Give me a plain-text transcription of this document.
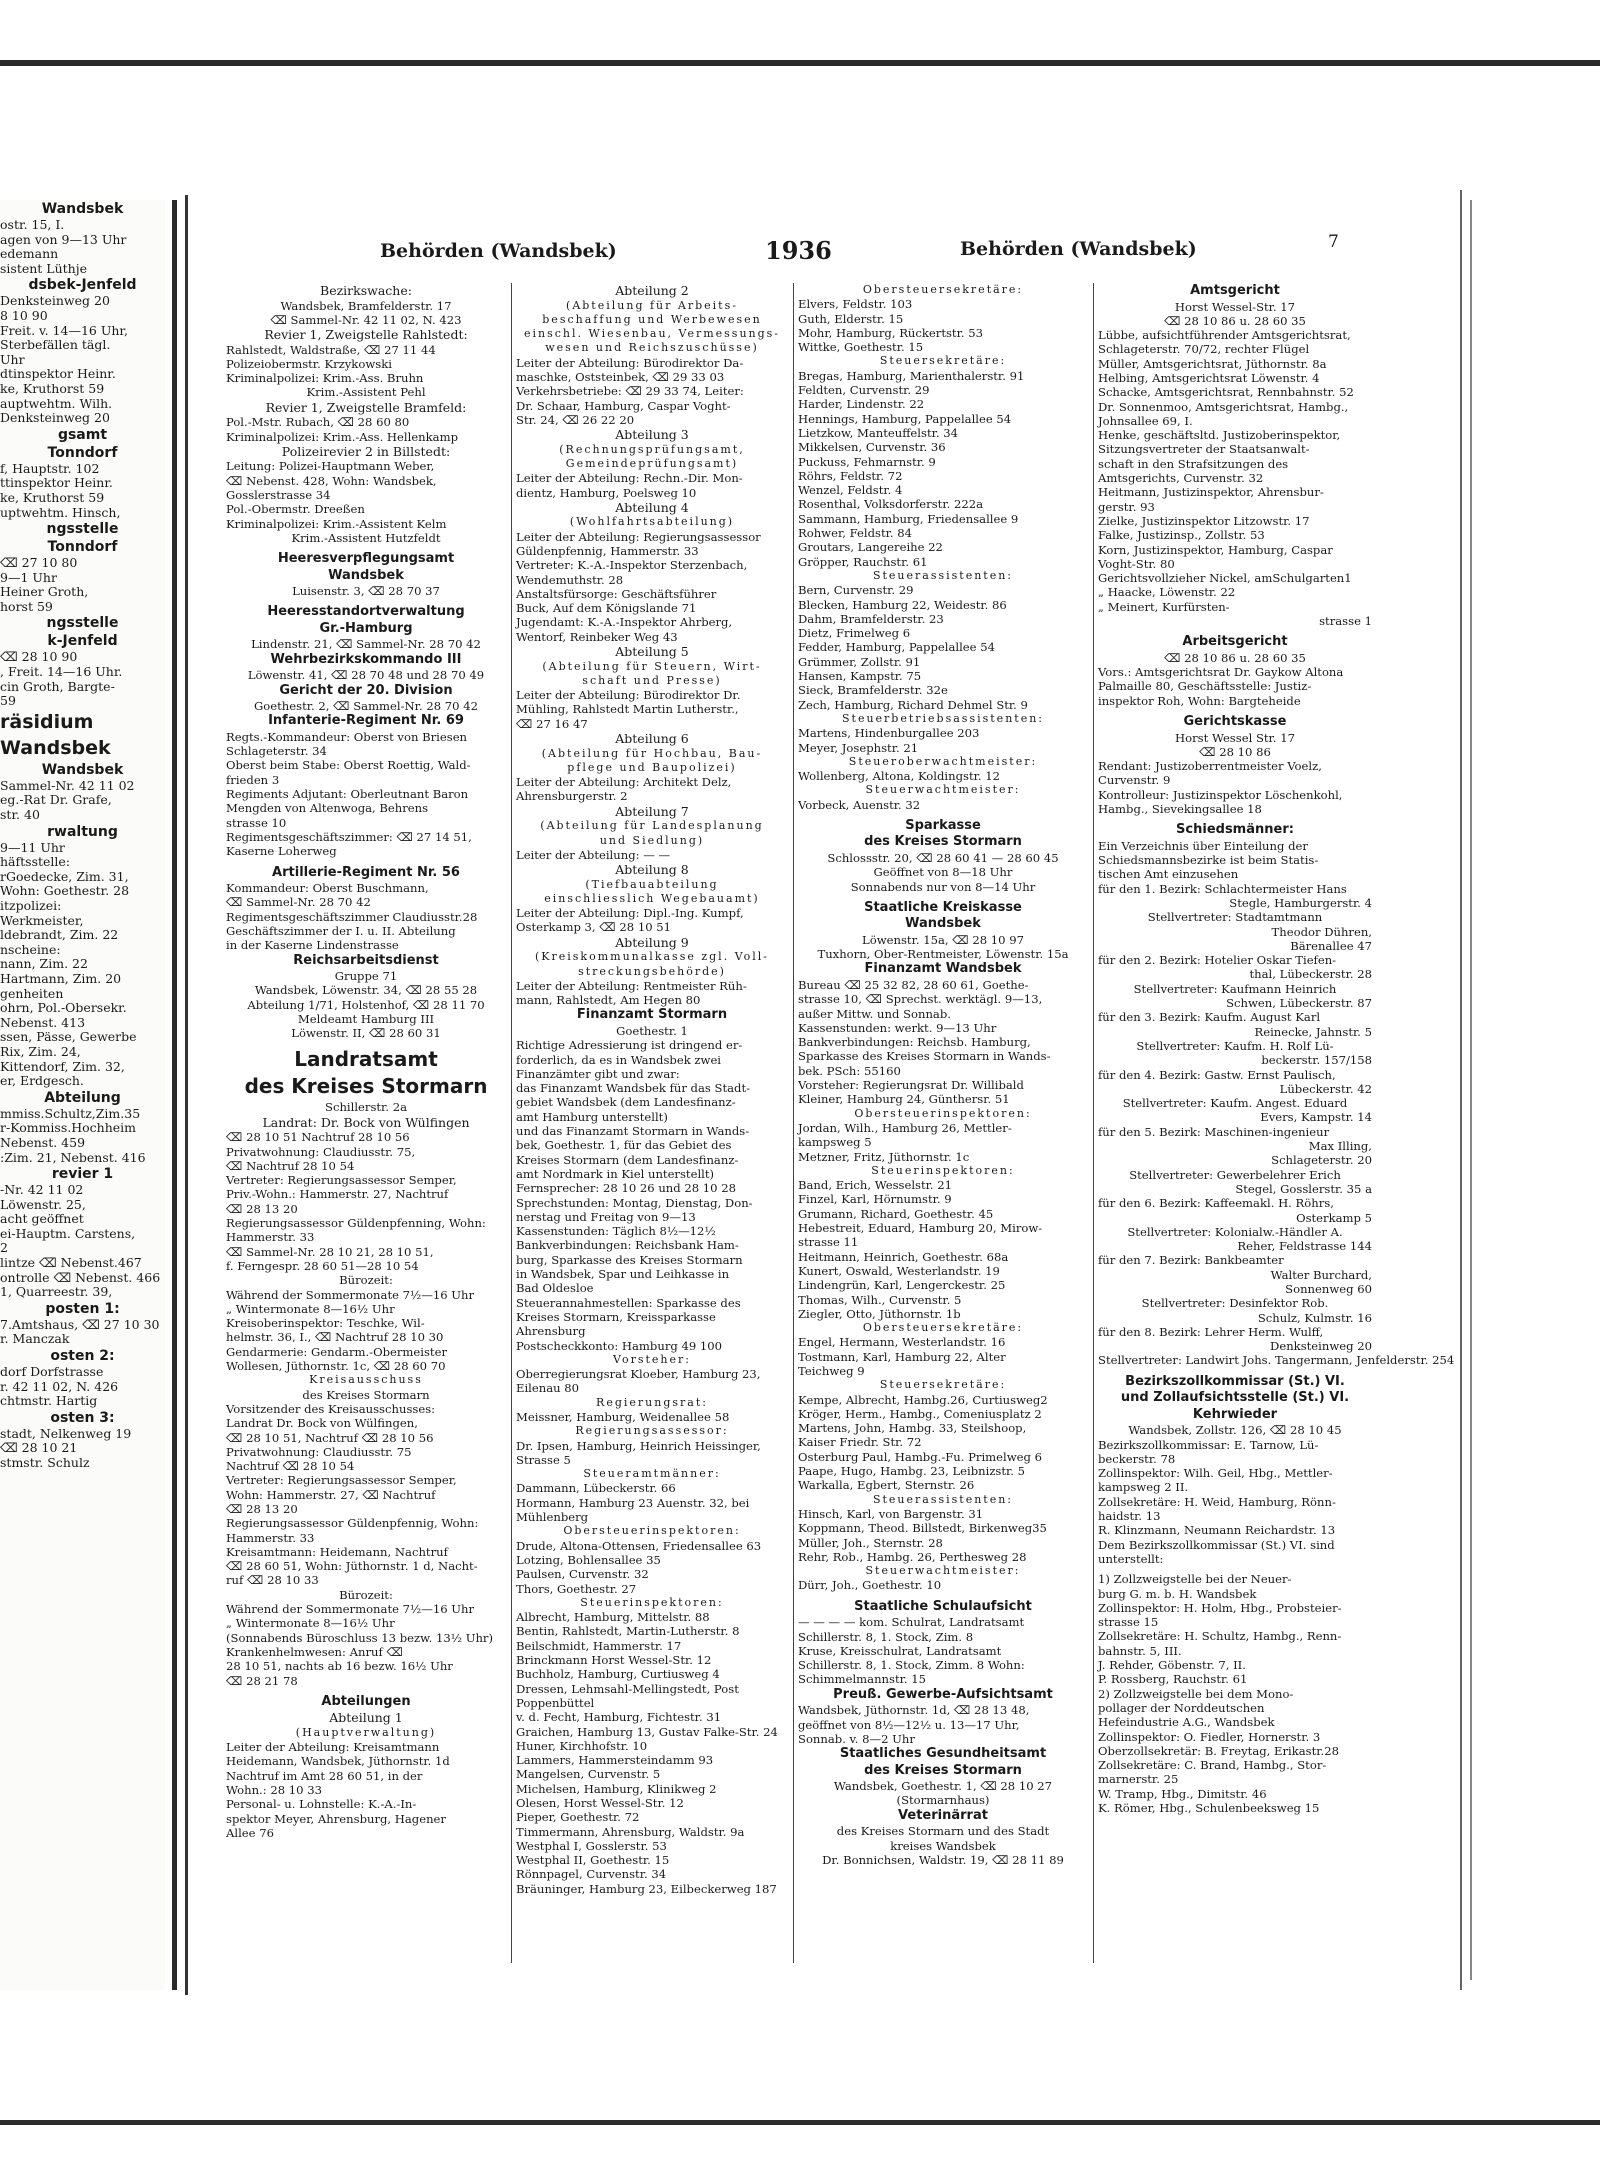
Wandsbek
ostr. 15, I.
agen von 9—13 Uhr
edemann
sistent Lüthje
dsbek-Jenfeld
Denksteinweg 20
8 10 90
Freit. v. 14—16 Uhr,
Sterbefällen tägl.
Uhr
dtinspektor Heinr.
ke, Kruthorst 59
auptwehtm. Wilh.
Denksteinweg 20
gsamt
Tonndorf
f, Hauptstr. 102
ttinspektor Heinr.
ke, Kruthorst 59
uptwehtm. Hinsch,
ngsstelle
Tonndorf
⌫ 27 10 80
9—1 Uhr
Heiner Groth,
horst 59
ngsstelle
k-Jenfeld
⌫ 28 10 90
, Freit. 14—16 Uhr.
cin Groth, Bargte-
59
räsidium
Wandsbek
Wandsbek
Sammel-Nr. 42 11 02
eg.-Rat Dr. Grafe,
str. 40
rwaltung
9—11 Uhr
häftsstelle:
rGoedecke, Zim. 31,
Wohn: Goethestr. 28
itzpolizei:
Werkmeister,
ldebrandt, Zim. 22
nscheine:
nann, Zim. 22
Hartmann, Zim. 20
genheiten
ohrn, Pol.-Obersekr.
Nebenst. 413
ssen, Pässe, Gewerbe
Rix, Zim. 24,
Kittendorf, Zim. 32,
er, Erdgesch.
Abteilung
mmiss.Schultz,Zim.35
r-Kommiss.Hochheim
Nebenst. 459
:Zim. 21, Nebenst. 416
revier 1
-Nr. 42 11 02
Löwenstr. 25,
acht geöffnet
ei-Hauptm. Carstens,
2
lintze ⌫ Nebenst.467
ontrolle ⌫ Nebenst. 466
1, Quarreestr. 39,
posten 1:
7.Amtshaus, ⌫ 27 10 30
r. Manczak
osten 2:
dorf Dorfstrasse
r. 42 11 02, N. 426
chtmstr. Hartig
osten 3:
stadt, Nelkenweg 19
⌫ 28 10 21
stmstr. Schulz
Behörden (Wandsbek)	1936	Behörden (Wandsbek)	7
Bezirkswache:
Wandsbek, Bramfelderstr. 17
⌫ Sammel-Nr. 42 11 02, N. 423
Revier 1, Zweigstelle Rahlstedt:
Rahlstedt, Waldstraße, ⌫ 27 11 44
Polizeiobermstr. Krzykowski
Kriminalpolizei: Krim.-Ass. Bruhn
Krim.-Assistent Pehl
Revier 1, Zweigstelle Bramfeld:
Pol.-Mstr. Rubach, ⌫ 28 60 80
Kriminalpolizei: Krim.-Ass. Hellenkamp
Polizeirevier 2 in Billstedt:
Leitung: Polizei-Hauptmann Weber,
⌫ Nebenst. 428, Wohn: Wandsbek,
Gosslerstrasse 34
Pol.-Obermstr. Dreeßen
Kriminalpolizei: Krim.-Assistent Kelm
Krim.-Assistent Hutzfeldt
Heeresverpflegungsamt
Wandsbek
Luisenstr. 3, ⌫ 28 70 37
Heeresstandortverwaltung
Gr.-Hamburg
Lindenstr. 21, ⌫ Sammel-Nr. 28 70 42
Wehrbezirkskommando III
Löwenstr. 41, ⌫ 28 70 48 und 28 70 49
Gericht der 20. Division
Goethestr. 2, ⌫ Sammel-Nr. 28 70 42
Infanterie-Regiment Nr. 69
Regts.-Kommandeur: Oberst von Briesen
Schlageterstr. 34
Oberst beim Stabe: Oberst Roettig, Wald-
frieden 3
Regiments Adjutant: Oberleutnant Baron
Mengden von Altenwoga, Behrens
strasse 10
Regimentsgeschäftszimmer: ⌫ 27 14 51,
Kaserne Loherweg
Artillerie-Regiment Nr. 56
Kommandeur: Oberst Buschmann,
⌫ Sammel-Nr. 28 70 42
Regimentsgeschäftszimmer Claudiusstr.28
Geschäftszimmer der I. u. II. Abteilung
in der Kaserne Lindenstrasse
Reichsarbeitsdienst
Gruppe 71
Wandsbek, Löwenstr. 34, ⌫ 28 55 28
Abteilung 1/71, Holstenhof, ⌫ 28 11 70
Meldeamt Hamburg III
Löwenstr. II, ⌫ 28 60 31
Landratsamt
des Kreises Stormarn
Schillerstr. 2a
Landrat: Dr. Bock von Wülfingen
⌫ 28 10 51 Nachtruf 28 10 56
Privatwohnung: Claudiusstr. 75,
⌫ Nachtruf 28 10 54
Vertreter: Regierungsassessor Semper,
Priv.-Wohn.: Hammerstr. 27, Nachtruf
⌫ 28 13 20
Regierungsassessor Güldenpfenning, Wohn:
Hammerstr. 33
⌫ Sammel-Nr. 28 10 21, 28 10 51,
f. Ferngespr. 28 60 51—28 10 54
Bürozeit:
Während der Sommermonate 7½—16 Uhr
„ Wintermonate 8—16½ Uhr
Kreisoberinspektor: Teschke, Wil-
helmstr. 36, I., ⌫ Nachtruf 28 10 30
Gendarmerie: Gendarm.-Obermeister
Wollesen, Jüthornstr. 1c, ⌫ 28 60 70
Kreisausschuss
des Kreises Stormarn
Vorsitzender des Kreisausschusses:
Landrat Dr. Bock von Wülfingen,
⌫ 28 10 51, Nachtruf ⌫ 28 10 56
Privatwohnung: Claudiusstr. 75
Nachtruf ⌫ 28 10 54
Vertreter: Regierungsassessor Semper,
Wohn: Hammerstr. 27, ⌫ Nachtruf
⌫ 28 13 20
Regierungsassessor Güldenpfennig, Wohn:
Hammerstr. 33
Kreisamtmann: Heidemann, Nachtruf
⌫ 28 60 51, Wohn: Jüthornstr. 1 d, Nacht-
ruf ⌫ 28 10 33
Bürozeit:
Während der Sommermonate 7½—16 Uhr
„ Wintermonate 8—16½ Uhr
(Sonnabends Büroschluss 13 bezw. 13½ Uhr)
Krankenhelmwesen: Anruf ⌫
28 10 51, nachts ab 16 bezw. 16½ Uhr
⌫ 28 21 78
Abteilungen
Abteilung 1
(Hauptverwaltung)
Leiter der Abteilung: Kreisamtmann
Heidemann, Wandsbek, Jüthornstr. 1d
Nachtruf im Amt 28 60 51, in der
Wohn.: 28 10 33
Personal- u. Lohnstelle: K.-A.-In-
spektor Meyer, Ahrensburg, Hagener
Allee 76
Abteilung 2
(Abteilung für Arbeits-
beschaffung und Werbewesen
einschl. Wiesenbau, Vermessungs-
wesen und Reichszuschüsse)
Leiter der Abteilung: Bürodirektor Da-
maschke, Oststeinbek, ⌫ 29 33 03
Verkehrsbetriebe: ⌫ 29 33 74, Leiter:
Dr. Schaar, Hamburg, Caspar Voght-
Str. 24, ⌫ 26 22 20
Abteilung 3
(Rechnungsprüfungsamt,
Gemeindeprüfungsamt)
Leiter der Abteilung: Rechn.-Dir. Mon-
dientz, Hamburg, Poelsweg 10
Abteilung 4
(Wohlfahrtsabteilung)
Leiter der Abteilung: Regierungsassessor
Güldenpfennig, Hammerstr. 33
Vertreter: K.-A.-Inspektor Sterzenbach,
Wendemuthstr. 28
Anstaltsfürsorge: Geschäftsführer
Buck, Auf dem Königslande 71
Jugendamt: K.-A.-Inspektor Ahrberg,
Wentorf, Reinbeker Weg 43
Abteilung 5
(Abteilung für Steuern, Wirt-
schaft und Presse)
Leiter der Abteilung: Bürodirektor Dr.
Mühling, Rahlstedt Martin Lutherstr.,
⌫ 27 16 47
Abteilung 6
(Abteilung für Hochbau, Bau-
pflege und Baupolizei)
Leiter der Abteilung: Architekt Delz,
Ahrensburgerstr. 2
Abteilung 7
(Abteilung für Landesplanung
und Siedlung)
Leiter der Abteilung: — —
Abteilung 8
(Tiefbauabteilung
einschliesslich Wegebauamt)
Leiter der Abteilung: Dipl.-Ing. Kumpf,
Osterkamp 3, ⌫ 28 10 51
Abteilung 9
(Kreiskommunalkasse zgl. Voll-
streckungsbehörde)
Leiter der Abteilung: Rentmeister Rüh-
mann, Rahlstedt, Am Hegen 80
Finanzamt Stormarn
Goethestr. 1
Richtige Adressierung ist dringend er-
forderlich, da es in Wandsbek zwei
Finanzämter gibt und zwar:
das Finanzamt Wandsbek für das Stadt-
gebiet Wandsbek (dem Landesfinanz-
amt Hamburg unterstellt)
und das Finanzamt Stormarn in Wands-
bek, Goethestr. 1, für das Gebiet des
Kreises Stormarn (dem Landesfinanz-
amt Nordmark in Kiel unterstellt)
Fernsprecher: 28 10 26 und 28 10 28
Sprechstunden: Montag, Dienstag, Don-
nerstag und Freitag von 9—13
Kassenstunden: Täglich 8½—12½
Bankverbindungen: Reichsbank Ham-
burg, Sparkasse des Kreises Stormarn
in Wandsbek, Spar und Leihkasse in
Bad Oldesloe
Steuerannahmestellen: Sparkasse des
Kreises Stormarn, Kreissparkasse
Ahrensburg
Postscheckkonto: Hamburg 49 100
Vorsteher:
Oberregierungsrat Kloeber, Hamburg 23,
Eilenau 80
Regierungsrat:
Meissner, Hamburg, Weidenallee 58
Regierungsassessor:
Dr. Ipsen, Hamburg, Heinrich Heissinger,
Strasse 5
Steueramtmänner:
Dammann, Lübeckerstr. 66
Hormann, Hamburg 23 Auenstr. 32, bei
Mühlenberg
Obersteuerinspektoren:
Drude, Altona-Ottensen, Friedensallee 63
Lotzing, Bohlensallee 35
Paulsen, Curvenstr. 32
Thors, Goethestr. 27
Steuerinspektoren:
Albrecht, Hamburg, Mittelstr. 88
Bentin, Rahlstedt, Martin-Lutherstr. 8
Beilschmidt, Hammerstr. 17
Brinckmann Horst Wessel-Str. 12
Buchholz, Hamburg, Curtiusweg 4
Dressen, Lehmsahl-Mellingstedt, Post
Poppenbüttel
v. d. Fecht, Hamburg, Fichtestr. 31
Graichen, Hamburg 13, Gustav Falke-Str. 24
Huner, Kirchhofstr. 10
Lammers, Hammersteindamm 93
Mangelsen, Curvenstr. 5
Michelsen, Hamburg, Klinikweg 2
Olesen, Horst Wessel-Str. 12
Pieper, Goethestr. 72
Timmermann, Ahrensburg, Waldstr. 9a
Westphal I, Gosslerstr. 53
Westphal II, Goethestr. 15
Rönnpagel, Curvenstr. 34
Bräuninger, Hamburg 23, Eilbeckerweg 187
Obersteuersekretäre:
Elvers, Feldstr. 103
Guth, Elderstr. 15
Mohr, Hamburg, Rückertstr. 53
Wittke, Goethestr. 15
Steuersekretäre:
Bregas, Hamburg, Marienthalerstr. 91
Feldten, Curvenstr. 29
Harder, Lindenstr. 22
Hennings, Hamburg, Pappelallee 54
Lietzkow, Manteuffelstr. 34
Mikkelsen, Curvenstr. 36
Puckuss, Fehmarnstr. 9
Röhrs, Feldstr. 72
Wenzel, Feldstr. 4
Rosenthal, Volksdorferstr. 222a
Sammann, Hamburg, Friedensallee 9
Rohwer, Feldstr. 84
Groutars, Langereihe 22
Gröpper, Rauchstr. 61
Steuerassistenten:
Bern, Curvenstr. 29
Blecken, Hamburg 22, Weidestr. 86
Dahm, Bramfelderstr. 23
Dietz, Frimelweg 6
Fedder, Hamburg, Pappelallee 54
Grümmer, Zollstr. 91
Hansen, Kampstr. 75
Sieck, Bramfelderstr. 32e
Zech, Hamburg, Richard Dehmel Str. 9
Steuerbetriebsassistenten:
Martens, Hindenburgallee 203
Meyer, Josephstr. 21
Steueroberwachtmeister:
Wollenberg, Altona, Koldingstr. 12
Steuerwachtmeister:
Vorbeck, Auenstr. 32
Sparkasse
des Kreises Stormarn
Schlossstr. 20, ⌫ 28 60 41 — 28 60 45
Geöffnet von 8—18 Uhr
Sonnabends nur von 8—14 Uhr
Staatliche Kreiskasse
Wandsbek
Löwenstr. 15a, ⌫ 28 10 97
Tuxhorn, Ober-Rentmeister, Löwenstr. 15a
Finanzamt Wandsbek
Bureau ⌫ 25 32 82, 28 60 61, Goethe-
strasse 10, ⌫ Sprechst. werktägl. 9—13,
außer Mittw. und Sonnab.
Kassenstunden: werkt. 9—13 Uhr
Bankverbindungen: Reichsb. Hamburg,
Sparkasse des Kreises Stormarn in Wands-
bek. PSch: 55160
Vorsteher: Regierungsrat Dr. Willibald
Kleiner, Hamburg 24, Günthersr. 51
Obersteuerinspektoren:
Jordan, Wilh., Hamburg 26, Mettler-
kampsweg 5
Metzner, Fritz, Jüthornstr. 1c
Steuerinspektoren:
Band, Erich, Wesselstr. 21
Finzel, Karl, Hörnumstr. 9
Grumann, Richard, Goethestr. 45
Hebestreit, Eduard, Hamburg 20, Mirow-
strasse 11
Heitmann, Heinrich, Goethestr. 68a
Kunert, Oswald, Westerlandstr. 19
Lindengrün, Karl, Lengerckestr. 25
Thomas, Wilh., Curvenstr. 5
Ziegler, Otto, Jüthornstr. 1b
Obersteuersekretäre:
Engel, Hermann, Westerlandstr. 16
Tostmann, Karl, Hamburg 22, Alter
Teichweg 9
Steuersekretäre:
Kempe, Albrecht, Hambg.26, Curtiusweg2
Kröger, Herm., Hambg., Comeniusplatz 2
Martens, John, Hambg. 33, Steilshoop,
Kaiser Friedr. Str. 72
Osterburg Paul, Hambg.-Fu. Primelweg 6
Paape, Hugo, Hambg. 23, Leibnizstr. 5
Warkalla, Egbert, Sternstr. 26
Steuerassistenten:
Hinsch, Karl, von Bargenstr. 31
Koppmann, Theod. Billstedt, Birkenweg35
Müller, Joh., Sternstr. 28
Rehr, Rob., Hambg. 26, Perthesweg 28
Steuerwachtmeister:
Dürr, Joh., Goethestr. 10
Staatliche Schulaufsicht
— — — — kom. Schulrat, Landratsamt
Schillerstr. 8, 1. Stock, Zim. 8
Kruse, Kreisschulrat, Landratsamt
Schillerstr. 8, 1. Stock, Zimm. 8 Wohn:
Schimmelmannstr. 15
Preuß. Gewerbe-Aufsichtsamt
Wandsbek, Jüthornstr. 1d, ⌫ 28 13 48,
geöffnet von 8½—12½ u. 13—17 Uhr,
Sonnab. v. 8—2 Uhr
Staatliches Gesundheitsamt
des Kreises Stormarn
Wandsbek, Goethestr. 1, ⌫ 28 10 27
(Stormarnhaus)
Veterinärrat
des Kreises Stormarn und des Stadt
kreises Wandsbek
Dr. Bonnichsen, Waldstr. 19, ⌫ 28 11 89
Amtsgericht
Horst Wessel-Str. 17
⌫ 28 10 86 u. 28 60 35
Lübbe, aufsichtführender Amtsgerichtsrat,
Schlageterstr. 70/72, rechter Flügel
Müller, Amtsgerichtsrat, Jüthornstr. 8a
Helbing, Amtsgerichtsrat Löwenstr. 4
Schacke, Amtsgerichtsrat, Rennbahnstr. 52
Dr. Sonnenmoo, Amtsgerichtsrat, Hambg.,
Johnsallee 69, I.
Henke, geschäftsltd. Justizoberinspektor,
Sitzungsvertreter der Staatsanwalt-
schaft in den Strafsitzungen des
Amtsgerichts, Curvenstr. 32
Heitmann, Justizinspektor, Ahrensbur-
gerstr. 93
Zielke, Justizinspektor Litzowstr. 17
Falke, Justizinsp., Zollstr. 53
Korn, Justizinspektor, Hamburg, Caspar
Voght-Str. 80
Gerichtsvollzieher Nickel, amSchulgarten1
„ Haacke, Löwenstr. 22
„ Meinert, Kurfürsten-
strasse 1
Arbeitsgericht
⌫ 28 10 86 u. 28 60 35
Vors.: Amtsgerichtsrat Dr. Gaykow Altona
Palmaille 80, Geschäftsstelle: Justiz-
inspektor Roh, Wohn: Bargteheide
Gerichtskasse
Horst Wessel Str. 17
⌫ 28 10 86
Rendant: Justizoberrentmeister Voelz,
Curvenstr. 9
Kontrolleur: Justizinspektor Löschenkohl,
Hambg., Sievekingsallee 18
Schiedsmänner:
Ein Verzeichnis über Einteilung der
Schiedsmannsbezirke ist beim Statis-
tischen Amt einzusehen
für den 1. Bezirk: Schlachtermeister Hans
Stegle, Hamburgerstr. 4
Stellvertreter: Stadtamtmann
Theodor Dühren,
Bärenallee 47
für den 2. Bezirk: Hotelier Oskar Tiefen-
thal, Lübeckerstr. 28
Stellvertreter: Kaufmann Heinrich
Schwen, Lübeckerstr. 87
für den 3. Bezirk: Kaufm. August Karl
Reinecke, Jahnstr. 5
Stellvertreter: Kaufm. H. Rolf Lü-
beckerstr. 157/158
für den 4. Bezirk: Gastw. Ernst Paulisch,
Lübeckerstr. 42
Stellvertreter: Kaufm. Angest. Eduard
Evers, Kampstr. 14
für den 5. Bezirk: Maschinen-ingenieur
Max Illing,
Schlageterstr. 20
Stellvertreter: Gewerbelehrer Erich
Stegel, Gosslerstr. 35 a
für den 6. Bezirk: Kaffeemakl. H. Röhrs,
Osterkamp 5
Stellvertreter: Kolonialw.-Händler A.
Reher, Feldstrasse 144
für den 7. Bezirk: Bankbeamter
Walter Burchard,
Sonnenweg 60
Stellvertreter: Desinfektor Rob.
Schulz, Kulmstr. 16
für den 8. Bezirk: Lehrer Herm. Wulff,
Denksteinweg 20
Stellvertreter: Landwirt Johs. Tangermann, Jenfelderstr. 254
Bezirkszollkommissar (St.) VI.
und Zollaufsichtsstelle (St.) VI.
Kehrwieder
Wandsbek, Zollstr. 126, ⌫ 28 10 45
Bezirkszollkommissar: E. Tarnow, Lü-
beckerstr. 78
Zollinspektor: Wilh. Geil, Hbg., Mettler-
kampsweg 2 II.
Zollsekretäre: H. Weid, Hamburg, Rönn-
haidstr. 13
R. Klinzmann, Neumann Reichardstr. 13
Dem Bezirkszollkommissar (St.) VI. sind
unterstellt:
1) Zollzweigstelle bei der Neuer-
burg G. m. b. H. Wandsbek
Zollinspektor: H. Holm, Hbg., Probsteier-
strasse 15
Zollsekretäre: H. Schultz, Hambg., Renn-
bahnstr. 5, III.
J. Rehder, Göbenstr. 7, II.
P. Rossberg, Rauchstr. 61
2) Zollzweigstelle bei dem Mono-
pollager der Norddeutschen
Hefeindustrie A.G., Wandsbek
Zollinspektor: O. Fiedler, Hornerstr. 3
Oberzollsekretär: B. Freytag, Erikastr.28
Zollsekretäre: C. Brand, Hambg., Stor-
marnerstr. 25
W. Tramp, Hbg., Dimitstr. 46
K. Römer, Hbg., Schulenbeeksweg 15
